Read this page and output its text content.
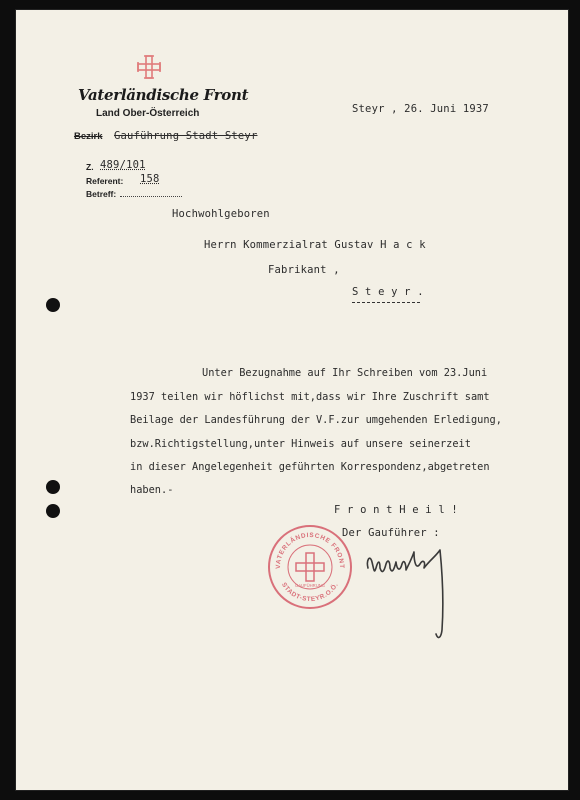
Vaterländische Front
Land Ober-Österreich
Bezirk Gauführung Stadt Steyr
Z. 489/101
Referent: 158
Betreff:
Steyr , 26. Juni 1937
Hochwohlgeboren
Herrn Kommerzialrat Gustav H a c k
Fabrikant ,
S t e y r .
Unter Bezugnahme auf Ihr Schreiben vom 23.Juni
1937 teilen wir höflichst mit,dass wir Ihre Zuschrift samt
Beilage der Landesführung der V.F.zur umgehenden Erledigung,
bzw.Richtigstellung,unter Hinweis auf unsere seinerzeit
in dieser Angelegenheit geführten Korrespondenz,abgetreten
haben.-
F r o n t H e i l !
Der Gauführer :
VATERLÄNDISCHE FRONT
STADT-STEYR.O.Ö.
GAUFÜHRUNG
